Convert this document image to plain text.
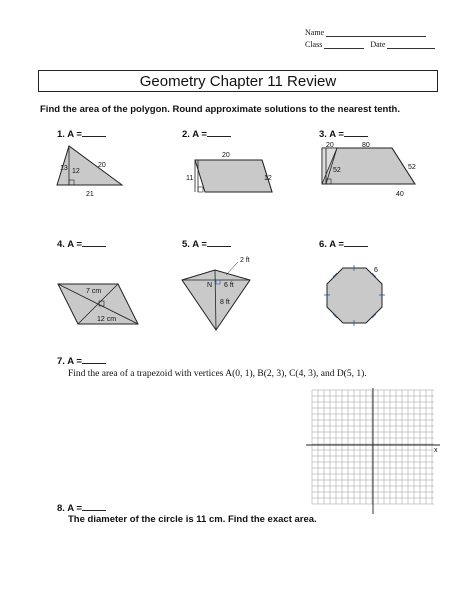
Name
Class	Date
Geometry Chapter 11 Review
Find the area of the polygon. Round approximate solutions to the nearest tenth.
1. A =	2. A =	3. A =
13 12
20
21
20
11	12
20	80
52	52
40
4. A =	5. A =	6. A =
7 cm
12 cm
2 ft
N 6 ft
8 ft
6
7. A =
Find the area of a trapezoid with vertices A(0, 1), B(2, 3), C(4, 3), and D(5, 1).
x
8. A =
The diameter of the circle is 11 cm. Find the exact area.
